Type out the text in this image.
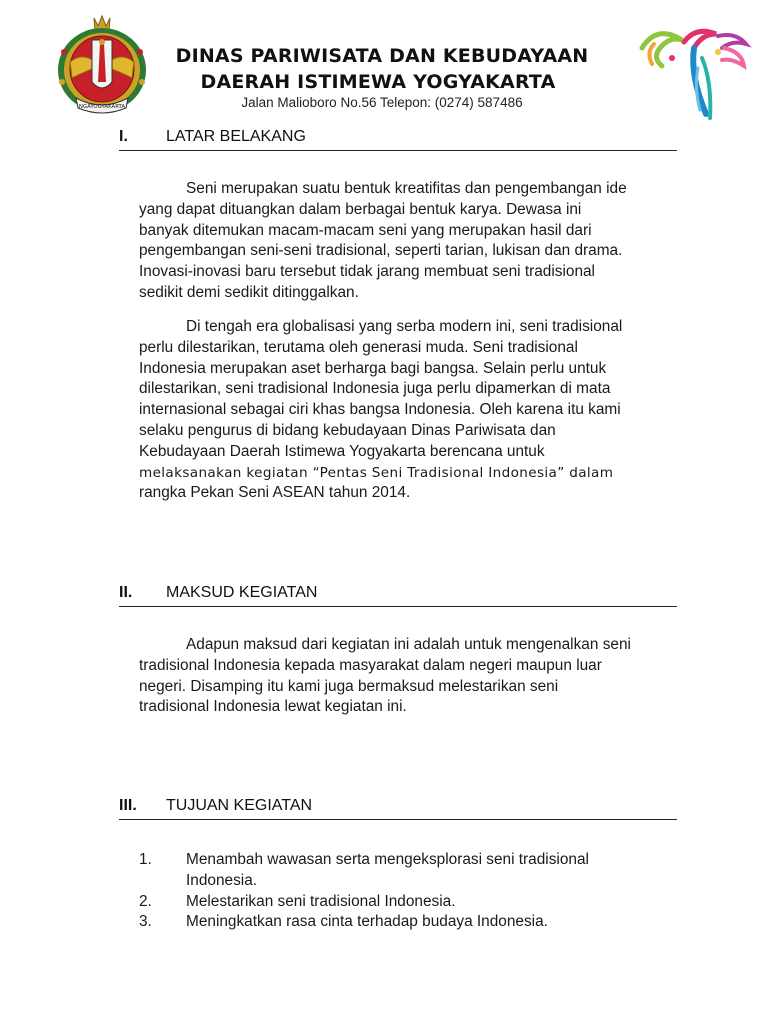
NGAYOGYAKARTA
DINAS PARIWISATA DAN KEBUDAYAAN
DAERAH ISTIMEWA YOGYAKARTA
Jalan Malioboro No.56 Telepon: (0274) 587486
I. LATAR BELAKANG
Seni merupakan suatu bentuk kreatifitas dan pengembangan ide
yang dapat dituangkan dalam berbagai bentuk karya. Dewasa ini
banyak ditemukan macam-macam seni yang merupakan hasil dari
pengembangan seni-seni tradisional, seperti tarian, lukisan dan drama.
Inovasi-inovasi baru tersebut tidak jarang membuat seni tradisional
sedikit demi sedikit ditinggalkan.
Di tengah era globalisasi yang serba modern ini, seni tradisional
perlu dilestarikan, terutama oleh generasi muda. Seni tradisional
Indonesia merupakan aset berharga bagi bangsa. Selain perlu untuk
dilestarikan, seni tradisional Indonesia juga perlu dipamerkan di mata
internasional sebagai ciri khas bangsa Indonesia. Oleh karena itu kami
selaku pengurus di bidang kebudayaan Dinas Pariwisata dan
Kebudayaan Daerah Istimewa Yogyakarta berencana untuk
melaksanakan kegiatan “Pentas Seni Tradisional Indonesia” dalam
rangka Pekan Seni ASEAN tahun 2014.
II. MAKSUD KEGIATAN
Adapun maksud dari kegiatan ini adalah untuk mengenalkan seni
tradisional Indonesia kepada masyarakat dalam negeri maupun luar
negeri. Disamping itu kami juga bermaksud melestarikan seni
tradisional Indonesia lewat kegiatan ini.
III. TUJUAN KEGIATAN
1.	Menambah wawasan serta mengeksplorasi seni tradisional
Indonesia.
2.	Melestarikan seni tradisional Indonesia.
3.	Meningkatkan rasa cinta terhadap budaya Indonesia.
